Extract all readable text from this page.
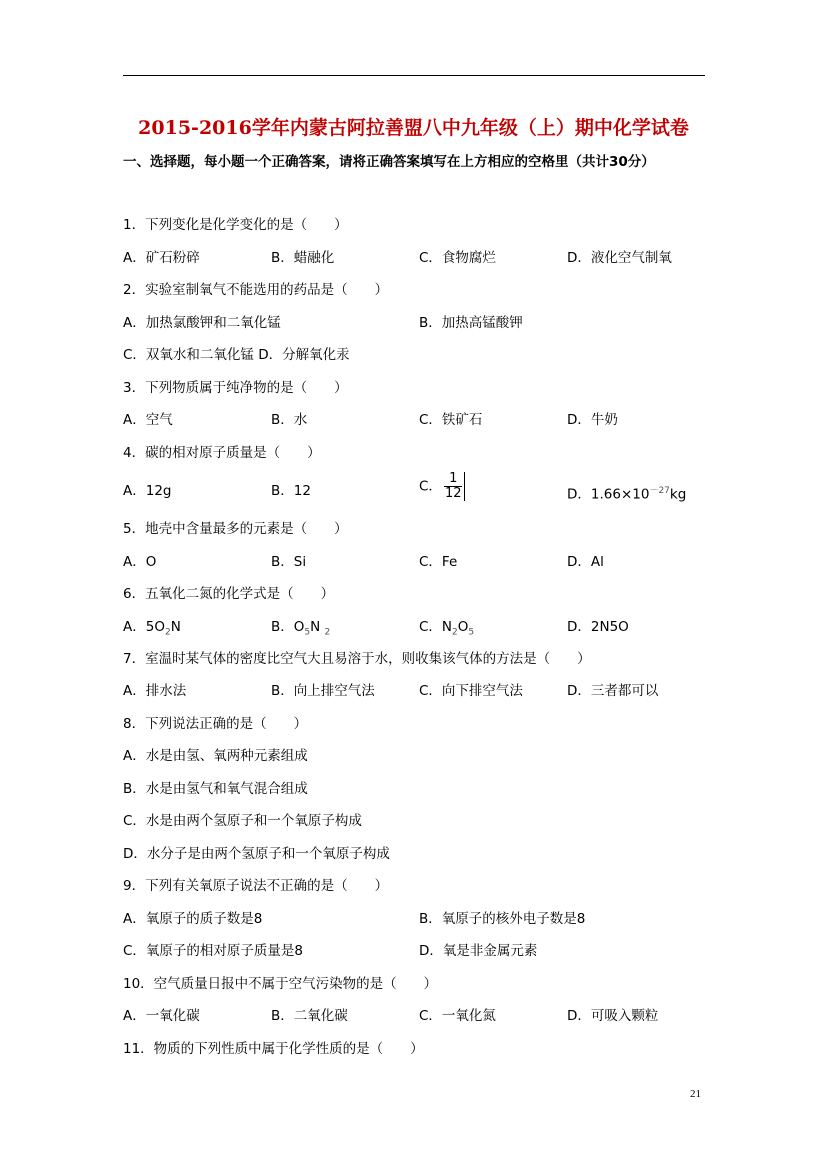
2015-2016学年内蒙古阿拉善盟八中九年级（上）期中化学试卷
一、选择题，每小题一个正确答案，请将正确答案填写在上方相应的空格里（共计30分）
1．下列变化是化学变化的是（　　）
A．矿石粉碎	B．蜡融化	C．食物腐烂	D．液化空气制氧
2．实验室制氧气不能选用的药品是（　　）
A．加热氯酸钾和二氧化锰	B．加热高锰酸钾
C．双氧水和二氧化锰 D．分解氧化汞
3．下列物质属于纯净物的是（　　）
A．空气	B．水	C．铁矿石	D．牛奶
4．碳的相对原子质量是（　　）
A．12g	B．12	C． $\frac{1}{12}$	D．$1.66\times 10^{-27}kg$
5．地壳中含量最多的元素是（　　）
A．O	B．Si	C．Fe	D．Al
6．五氧化二氮的化学式是（　　）
A．$5O_2N$	B．$O_5N$ $_2$	C．$N_2O_5$	D．2N5O
7．室温时某气体的密度比空气大且易溶于水，则收集该气体的方法是（　　）
A．排水法	B．向上排空气法	C．向下排空气法	D．三者都可以
8．下列说法正确的是（　　）
A．水是由氢、氧两种元素组成
B．水是由氢气和氧气混合组成
C．水是由两个氢原子和一个氧原子构成
D．水分子是由两个氢原子和一个氧原子构成
9．下列有关氧原子说法不正确的是（　　）
A．氧原子的质子数是8	B．氧原子的核外电子数是8
C．氧原子的相对原子质量是8	D．氧是非金属元素
10．空气质量日报中不属于空气污染物的是（　　）
A．一氧化碳	B．二氧化碳	C．一氧化氮	D．可吸入颗粒
11．物质的下列性质中属于化学性质的是（　　）
21
